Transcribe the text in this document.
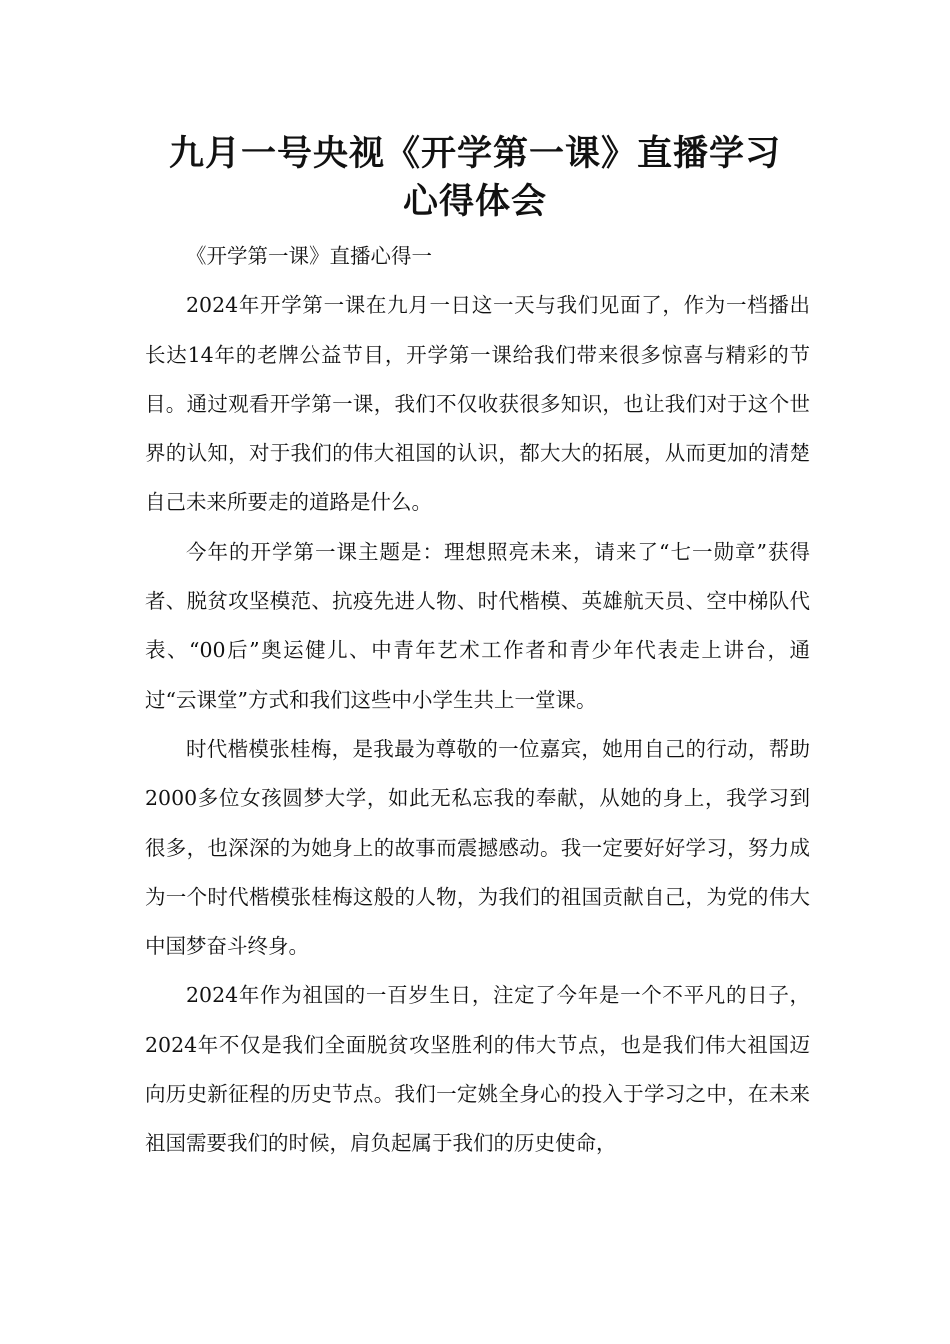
九月一号央视《开学第一课》直播学习
心得体会

《开学第一课》直播心得一

2024年开学第一课在九月一日这一天与我们见面了，作为一档播出长达14年的老牌公益节目，开学第一课给我们带来很多惊喜与精彩的节目。通过观看开学第一课，我们不仅收获很多知识，也让我们对于这个世界的认知，对于我们的伟大祖国的认识，都大大的拓展，从而更加的清楚自己未来所要走的道路是什么。

今年的开学第一课主题是：理想照亮未来，请来了“七一勋章”获得者、脱贫攻坚模范、抗疫先进人物、时代楷模、英雄航天员、空中梯队代表、“00后”奥运健儿、中青年艺术工作者和青少年代表走上讲台，通过“云课堂”方式和我们这些中小学生共上一堂课。

时代楷模张桂梅，是我最为尊敬的一位嘉宾，她用自己的行动，帮助2000多位女孩圆梦大学，如此无私忘我的奉献，从她的身上，我学习到很多，也深深的为她身上的故事而震撼感动。我一定要好好学习，努力成为一个时代楷模张桂梅这般的人物，为我们的祖国贡献自己，为党的伟大中国梦奋斗终身。

2024年作为祖国的一百岁生日，注定了今年是一个不平凡的日子，2024年不仅是我们全面脱贫攻坚胜利的伟大节点，也是我们伟大祖国迈向历史新征程的历史节点。我们一定姚全身心的投入于学习之中，在未来祖国需要我们的时候，肩负起属于我们的历史使命，
